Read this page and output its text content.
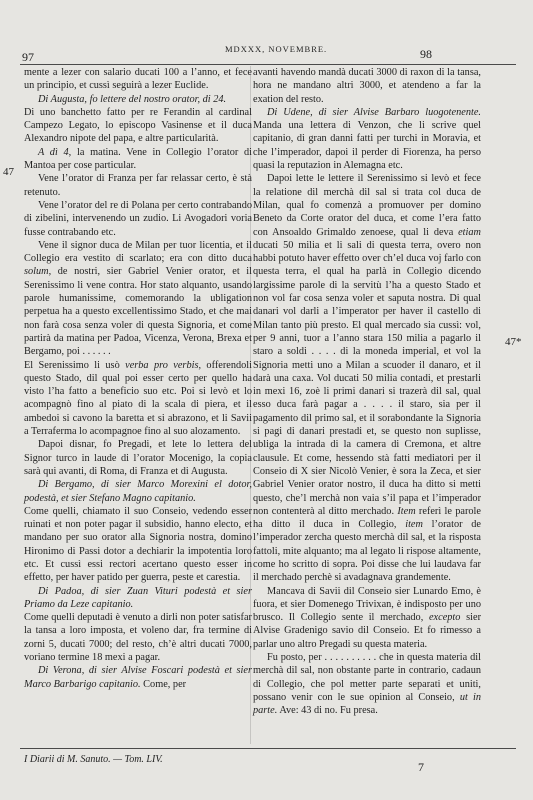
97
MDXXX, NOVEMBRE.	98
47
47*

mente a lezer con salario ducati 100 a l’anno, et fece un principio, et cussì seguirà a lezer Euclide.

Di Augusta, fo lettere del nostro orator, di 24.

Di uno banchetto fatto per re Ferandin al cardinal Campezo Legato, lo episcopo Vasinense et il duca Alexandro nipote del papa, e altre particularità.

A dì 4, la matina. Vene in Collegio l’orator di Mantoa per cose particular.

Vene l’orator di Franza per far relassar certo, è stà retenuto.

Vene l’orator del re di Polana per certo contrabando di zibelini, intervenendo un zudio. Li Avogadori voria fusse contrabando etc.

Vene il signor duca de Milan per tuor licentia, et il Collegio era vestito di scarlato; era con ditto duca solum, de nostri, sier Gabriel Venier orator, et il Serenissimo li vene contra. Hor stato alquanto, usando parole humanissime, comemorando la ubligation perpetua ha a questo excellentissimo Stado, et che mai non farà cosa senza voler di questa Signoria, et come partirà da matina per Padoa, Vicenza, Verona, Brexa et Bergamo, poi . . . . . .

El Serenissimo li usò verba pro verbis, offerendoli questo Stado, dil qual poi esser certo per quello ha visto l’ha fatto a beneficio suo etc. Poi si levò et lo acompagnò fino al piato di la scala di piera, et il ambedoi si cavono la baretta et si abrazono, et li Savii a Terraferma lo acompagnoe fino al suo alozamento.

Dapoi disnar, fo Pregadi, et lete lo lettera del Signor turco in laude di l’orator Mocenigo, la copia sarà qui avanti, di Roma, di Franza et di Augusta.

Di Bergamo, di sier Marco Morexini el dotor, podestà, et sier Stefano Magno capitanio.

Come quelli, chiamato il suo Conseio, vedendo esser ruinati et non poter pagar il subsidio, hanno electo, et mandano per suo orator alla Signoria nostra, domino Hironimo di Passi dotor a dechiarir la impotentia loro etc. Et cussì essi rectori acertano questo esser in effetto, per haver patido per guerra, peste et carestia.

Di Padoa, di sier Zuan Vituri podestà et sier Priamo da Leze capitanio.

Come quelli deputadi è venuto a dirli non poter satisfar la tansa a loro imposta, et voleno dar, fra termine di zorni 5, ducati 7000; del resto, ch’è altri ducati 7000, voriano termine 18 mexi a pagar.

Di Verona, di sier Alvise Foscari podestà et sier Marco Barbarigo capitanio. Come, per

avanti havendo mandà ducati 3000 di raxon di la tansa, hora ne mandano altri 3000, et atendeno a far la exation del resto.

Di Udene, di sier Alvise Barbaro luogotenente. Manda una lettera di Venzon, che li scrive quel capitanio, di gran danni fatti per turchi in Moravia, et che l’imperador, dapoi il perder di Fiorenza, ha perso quasi la reputazion in Alemagna etc.

Dapoi lette le lettere il Serenissimo si levò et fece la relatione dil merchà dil sal si trata col duca de Milan, qual fo comenzà a promuover per domino Beneto da Corte orator del duca, et come l’era fatto con Ansoaldo Grimaldo zenoese, qual li deva etiam ducati 50 milia et li sali di questa terra, overo non habbi potuto haver effetto over ch’el duca voj farlo con questa terra, el qual ha parlà in Collegio dicendo largissime parole di la servitù l’ha a questo Stado et non vol far cosa senza voler et saputa nostra. Di qual danari vol darli a l’imperator per haver il castello di Milan tanto più presto. El qual mercado sia cussì: vol, per 9 anni, tuor a l’anno stara 150 milia a pagarlo il staro a soldi . . . . di la moneda imperial, et vol la Signoria metti uno a Milan a scuoder il danaro, et il darà una caxa. Vol ducati 50 milia contadi, et prestarli in mexi 16, zoè li primi danari si trazerà dil sal, qual esso duca farà pagar a . . . . il staro, sia per il pagamento dil primo sal, et il sorabondante la Signoria si pagi di danari prestadi et, se questo non suplisse, ubliga la intrada di la camera di Cremona, et altre clausule. Et come, hessendo stà fatti mediatori per il Conseio di X sier Nicolò Venier, è sora la Zeca, et sier Gabriel Venier orator nostro, il duca ha ditto si metti questo, che’l merchà non vaia s’il papa et l’imperador non contenterà al ditto merchado. Item referì le parole ha ditto il duca in Collegio, item l’orator de l’imperador zercha questo merchà dil sal, et la risposta fattoli, mite alquanto; ma al legato li rispose altamente, come ho scritto di sopra. Poi disse che lui laudava far il merchado perchè si avadagnava grandemente.

Mancava di Savii dil Conseio sier Lunardo Emo, è fuora, et sier Domenego Trivixan, è indisposto per uno brusco. Il Collegio sente il merchado, excepto sier Alvise Gradenigo savio dil Conseio. Et fo rimesso a parlar uno altro Pregadi su questa materia.

Fu posto, per . . . . . . . . . . che in questa materia dil merchà dil sal, non obstante parte in contrario, cadaun di Collegio, che pol metter parte separati et uniti, possano venir con le sue opinion al Conseio, ut in parte. Ave: 43 di no. Fu presa.

I Diarii di M. Sanuto. — Tom. LIV.
7
